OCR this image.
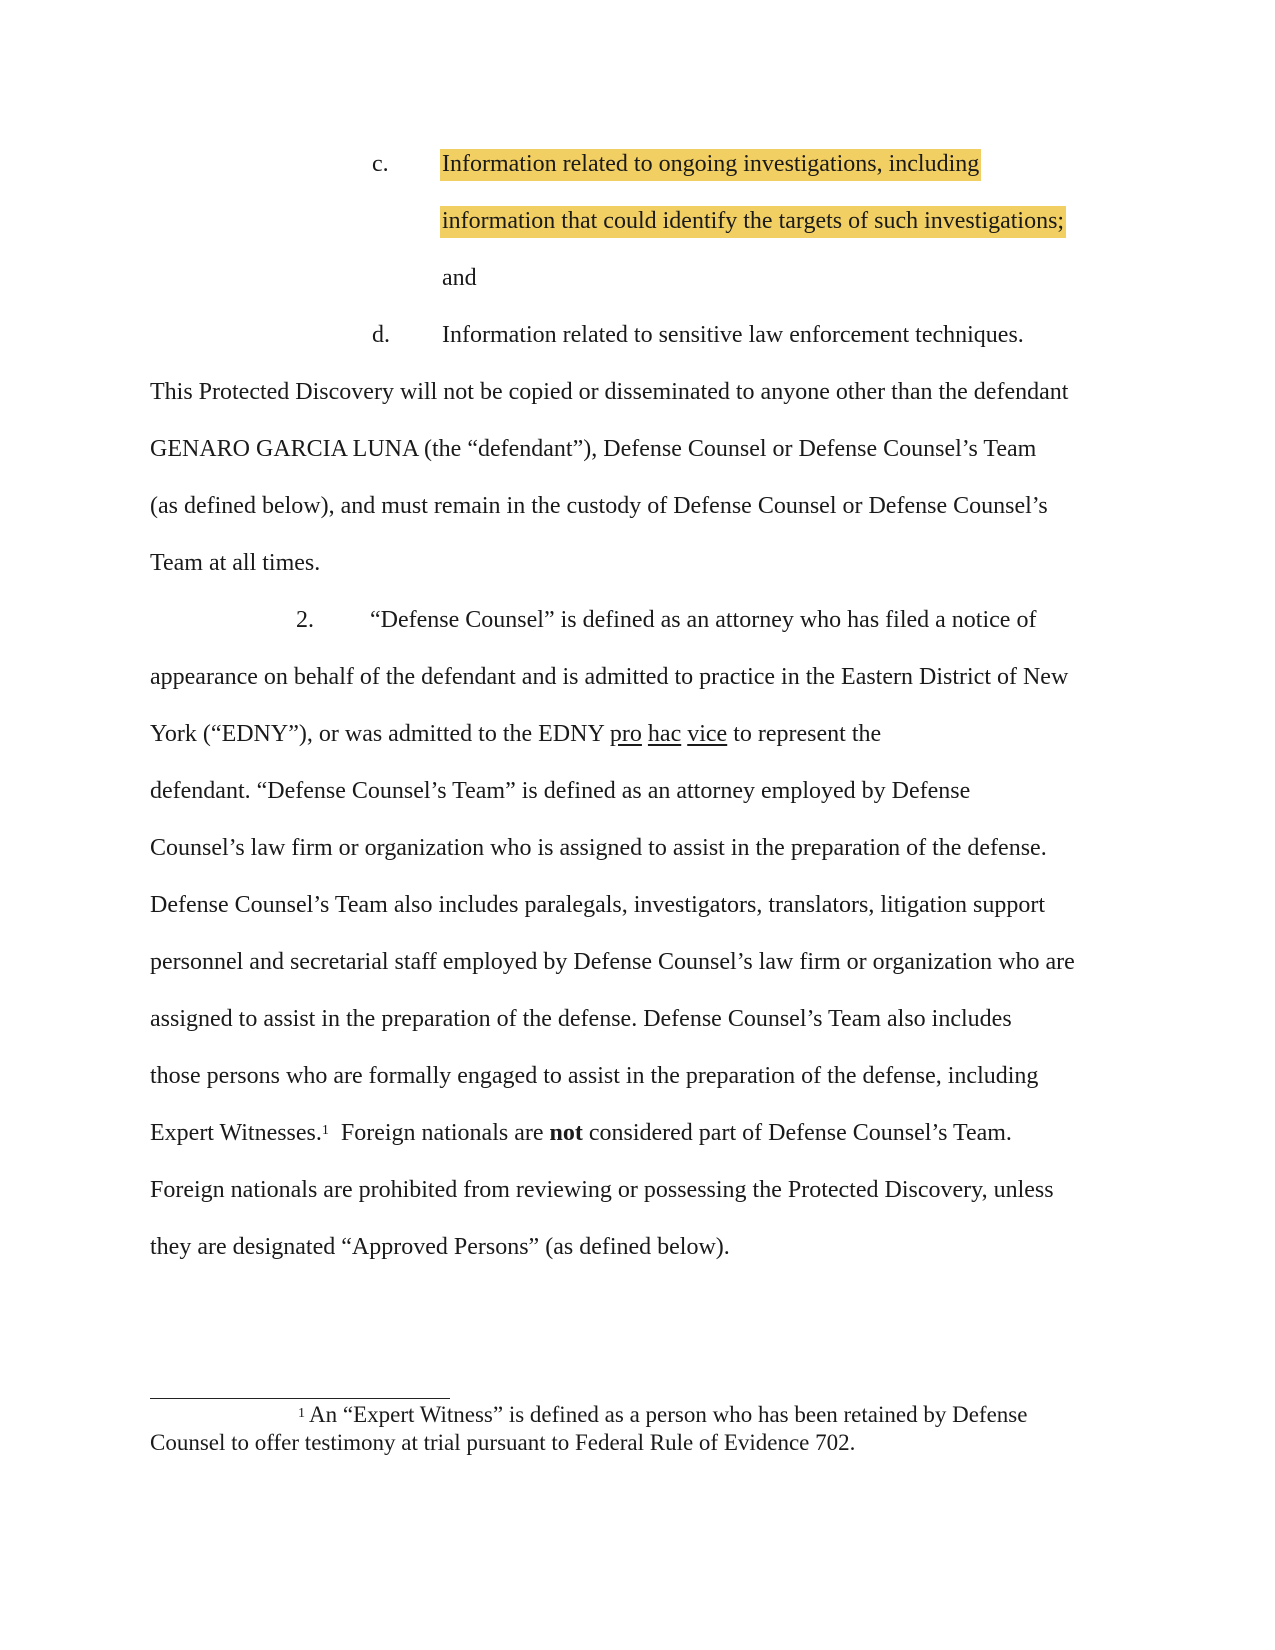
c. Information related to ongoing investigations, including
information that could identify the targets of such investigations;
and
d. Information related to sensitive law enforcement techniques.
This Protected Discovery will not be copied or disseminated to anyone other than the defendant
GENARO GARCIA LUNA (the “defendant”), Defense Counsel or Defense Counsel’s Team
(as defined below), and must remain in the custody of Defense Counsel or Defense Counsel’s
Team at all times.
2. “Defense Counsel” is defined as an attorney who has filed a notice of
appearance on behalf of the defendant and is admitted to practice in the Eastern District of New
York (“EDNY”), or was admitted to the EDNY pro hac vice to represent the
defendant. “Defense Counsel’s Team” is defined as an attorney employed by Defense
Counsel’s law firm or organization who is assigned to assist in the preparation of the defense.
Defense Counsel’s Team also includes paralegals, investigators, translators, litigation support
personnel and secretarial staff employed by Defense Counsel’s law firm or organization who are
assigned to assist in the preparation of the defense. Defense Counsel’s Team also includes
those persons who are formally engaged to assist in the preparation of the defense, including
Expert Witnesses.$^1$  Foreign nationals are not considered part of Defense Counsel’s Team.
Foreign nationals are prohibited from reviewing or possessing the Protected Discovery, unless
they are designated “Approved Persons” (as defined below).
$^1$ An “Expert Witness” is defined as a person who has been retained by Defense
Counsel to offer testimony at trial pursuant to Federal Rule of Evidence 702.
